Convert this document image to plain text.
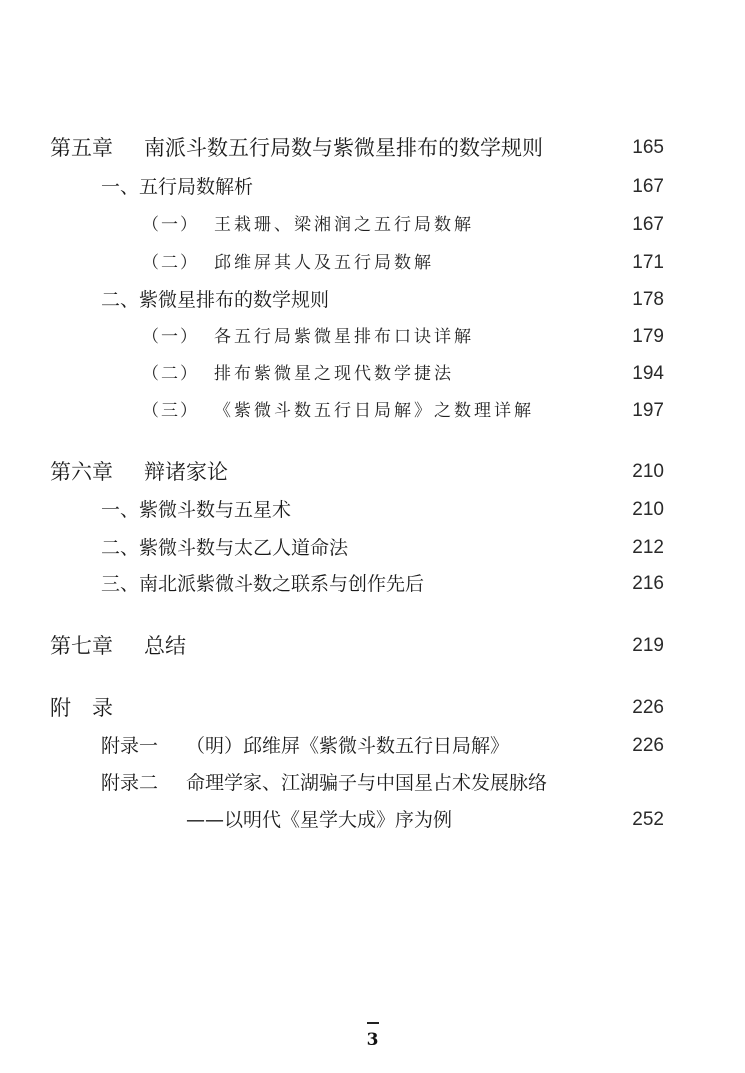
第五章 南派斗数五行局数与紫微星排布的数学规则	165
一、五行局数解析	167
（一） 王栽珊、梁湘润之五行局数解	167
（二） 邱维屏其人及五行局数解	171
二、紫微星排布的数学规则	178
（一） 各五行局紫微星排布口诀详解	179
（二） 排布紫微星之现代数学捷法	194
（三） 《紫微斗数五行日局解》之数理详解	197
第六章 辩诸家论	210
一、紫微斗数与五星术	210
二、紫微斗数与太乙人道命法	212
三、南北派紫微斗数之联系与创作先后	216
第七章 总结	219
附　录	226
附录一 （明）邱维屏《紫微斗数五行日局解》	226
附录二 命理学家、江湖骗子与中国星占术发展脉络
——以明代《星学大成》序为例	252
3
